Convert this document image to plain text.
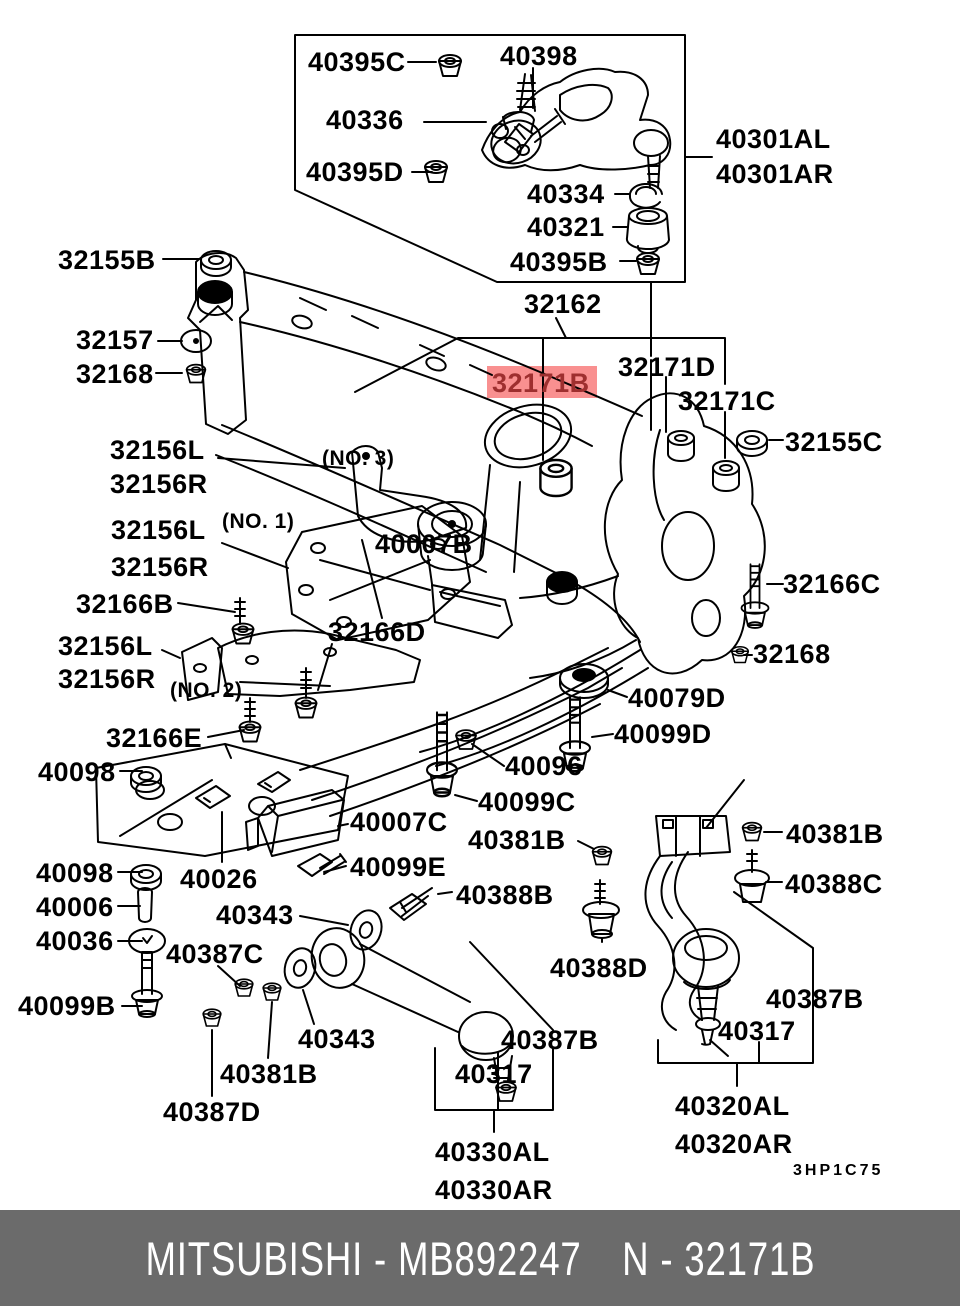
40395C	40398
40336
40395D
40334
40321
40395B
40301AL
40301AR
32155B
32157
32168
32162
32171B
32171D
32171C
32155C
32156L
32156R
(NO. 3)
32156L (NO. 1)
32156R
40007B
32166B
32166C
32156L	32166D
32156R
32168
(NO. 2)	40079D
32166E	40099D
40098	40096
40099C
40007C
40381B
40098 40026	40099E
40006	40343
40388B
40381B
40388C
40036 40387C	40388D
40099B
40343	40387B
40387B
40381B	40317
40317
40387D
40330AL
40330AR
40320AL
40320AR
3HP1C75
MITSUBISHI - MB892247 N - 32171B
